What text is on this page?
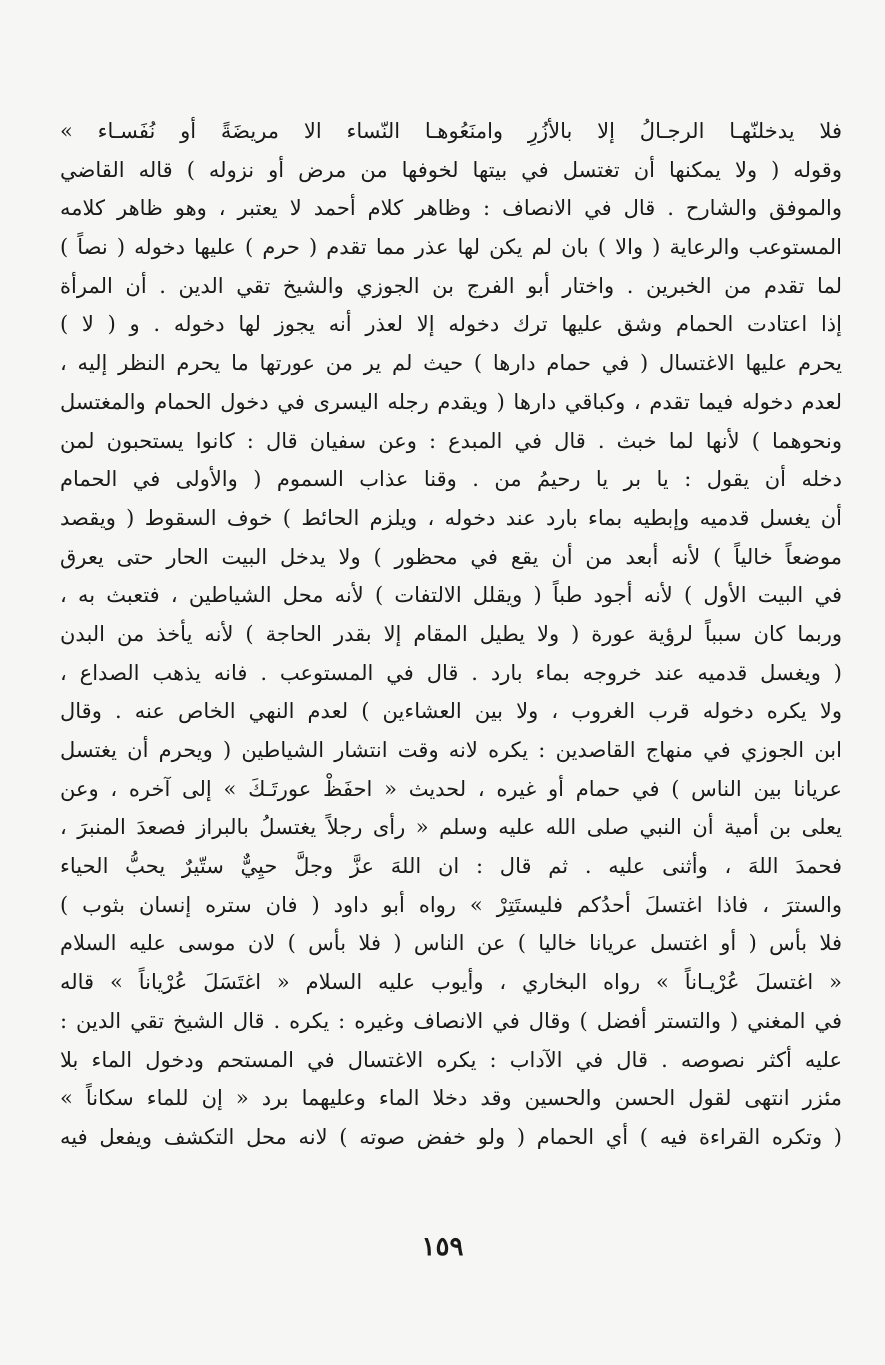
فلا يدخلنّهـا الرجـالُ إلا بالأزُرِ وامنَعُوهـا النّساء الا مريضَةً أو نُفَسـاء »
وقوله ( ولا يمكنها أن تغتسل في بيتها لخوفها من مرض أو نزوله ) قاله القاضي
والموفق والشارح . قال في الانصاف : وظاهر كلام أحمد لا يعتبر ، وهو ظاهر كلامه
المستوعب والرعاية ( والا ) بان لم يكن لها عذر مما تقدم ( حرم ) عليها دخوله ( نصاً )
لما تقدم من الخبرين . واختار أبو الفرج بن الجوزي والشيخ تقي الدين . أن المرأة
إذا اعتادت الحمام وشق عليها ترك دخوله إلا لعذر أنه يجوز لها دخوله . و ( لا )
يحرم عليها الاغتسال ( في حمام دارها ) حيث لم ير من عورتها ما يحرم النظر إليه ،
لعدم دخوله فيما تقدم ، وكباقي دارها ( ويقدم رجله اليسرى في دخول الحمام والمغتسل
ونحوهما ) لأنها لما خبث . قال في المبدع : وعن سفيان قال : كانوا يستحبون لمن
دخله أن يقول : يا بر يا رحيمُ من . وقنا عذاب السموم ( والأولى في الحمام
أن يغسل قدميه وإبطيه بماء بارد عند دخوله ، ويلزم الحائط ) خوف السقوط ( ويقصد
موضعاً خالياً ) لأنه أبعد من أن يقع في محظور ) ولا يدخل البيت الحار حتى يعرق
في البيت الأول ) لأنه أجود طباً ( ويقلل الالتفات ) لأنه محل الشياطين ، فتعبث به ،
وربما كان سبباً لرؤية عورة ( ولا يطيل المقام إلا بقدر الحاجة ) لأنه يأخذ من البدن
( ويغسل قدميه عند خروجه بماء بارد . قال في المستوعب . فانه يذهب الصداع ،
ولا يكره دخوله قرب الغروب ، ولا بين العشاءين ) لعدم النهي الخاص عنه . وقال
ابن الجوزي في منهاج القاصدين : يكره لانه وقت انتشار الشياطين ( ويحرم أن يغتسل
عريانا بين الناس ) في حمام أو غيره ، لحديث « احفَظْ عورتَـكَ » إلى آخره ، وعن
يعلى بن أمية أن النبي صلى الله عليه وسلم « رأى رجلاً يغتسلُ بالبراز فصعدَ المنبرَ ،
فحمدَ اللهَ ، وأثنى عليه . ثم قال : ان اللهَ عزَّ وجلَّ حيِيٌّ ستّيرٌ يحبُّ الحياء
والسترَ ، فاذا اغتسلَ أحدُكم فليستَتِرْ » رواه أبو داود ( فان ستره إنسان بثوب )
فلا بأس ( أو اغتسل عريانا خاليا ) عن الناس ( فلا بأس ) لان موسى عليه السلام
« اغتسلَ عُرْيـاناً » رواه البخاري ، وأيوب عليه السلام « اغتَسَلَ عُرْياناً » قاله
في المغني ( والتستر أفضل ) وقال في الانصاف وغيره : يكره . قال الشيخ تقي الدين :
عليه أكثر نصوصه . قال في الآداب : يكره الاغتسال في المستحم ودخول الماء بلا
مئزر انتهى لقول الحسن والحسين وقد دخلا الماء وعليهما برد « إن للماء سكاناً »
( وتكره القراءة فيه ) أي الحمام ( ولو خفض صوته ) لانه محل التكشف ويفعل فيه
١٥٩
